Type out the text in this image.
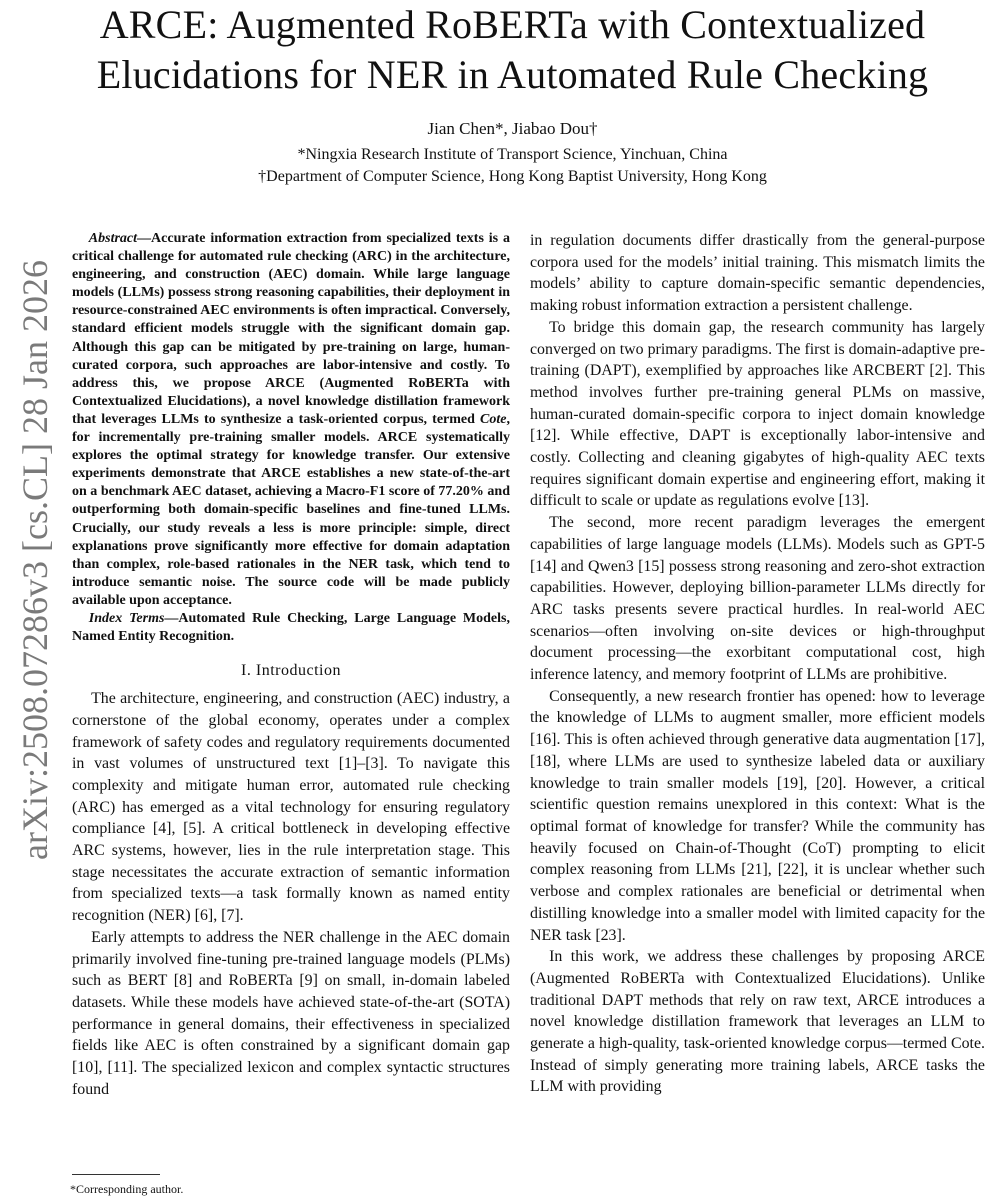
ARCE: Augmented RoBERTa with Contextualized
Elucidations for NER in Automated Rule Checking
Jian Chen*, Jiabao Dou†
*Ningxia Research Institute of Transport Science, Yinchuan, China
†Department of Computer Science, Hong Kong Baptist University, Hong Kong
arXiv:2508.07286v3 [cs.CL] 28 Jan 2026

Abstract—Accurate information extraction from specialized texts is a critical challenge for automated rule checking (ARC) in the architecture, engineering, and construction (AEC) domain. While large language models (LLMs) possess strong reasoning capabilities, their deployment in resource-constrained AEC environments is often impractical. Conversely, standard efficient models struggle with the significant domain gap. Although this gap can be mitigated by pre-training on large, human-curated corpora, such approaches are labor-intensive and costly. To address this, we propose ARCE (Augmented RoBERTa with Contextualized Elucidations), a novel knowledge distillation framework that leverages LLMs to synthesize a task-oriented corpus, termed Cote, for incrementally pre-training smaller models. ARCE systematically explores the optimal strategy for knowledge transfer. Our extensive experiments demonstrate that ARCE establishes a new state-of-the-art on a benchmark AEC dataset, achieving a Macro-F1 score of 77.20% and outperforming both domain-specific baselines and fine-tuned LLMs. Crucially, our study reveals a less is more principle: simple, direct explanations prove significantly more effective for domain adaptation than complex, role-based rationales in the NER task, which tend to introduce semantic noise. The source code will be made publicly available upon acceptance.

Index Terms—Automated Rule Checking, Large Language Models, Named Entity Recognition.

I. Introduction

The architecture, engineering, and construction (AEC) industry, a cornerstone of the global economy, operates under a complex framework of safety codes and regulatory requirements documented in vast volumes of unstructured text [1]–[3]. To navigate this complexity and mitigate human error, automated rule checking (ARC) has emerged as a vital technology for ensuring regulatory compliance [4], [5]. A critical bottleneck in developing effective ARC systems, however, lies in the rule interpretation stage. This stage necessitates the accurate extraction of semantic information from specialized texts—a task formally known as named entity recognition (NER) [6], [7].

Early attempts to address the NER challenge in the AEC domain primarily involved fine-tuning pre-trained language models (PLMs) such as BERT [8] and RoBERTa [9] on small, in-domain labeled datasets. While these models have achieved state-of-the-art (SOTA) performance in general domains, their effectiveness in specialized fields like AEC is often constrained by a significant domain gap [10], [11]. The specialized lexicon and complex syntactic structures found

in regulation documents differ drastically from the general-purpose corpora used for the models’ initial training. This mismatch limits the models’ ability to capture domain-specific semantic dependencies, making robust information extraction a persistent challenge.

To bridge this domain gap, the research community has largely converged on two primary paradigms. The first is domain-adaptive pre-training (DAPT), exemplified by approaches like ARCBERT [2]. This method involves further pre-training general PLMs on massive, human-curated domain-specific corpora to inject domain knowledge [12]. While effective, DAPT is exceptionally labor-intensive and costly. Collecting and cleaning gigabytes of high-quality AEC texts requires significant domain expertise and engineering effort, making it difficult to scale or update as regulations evolve [13].

The second, more recent paradigm leverages the emergent capabilities of large language models (LLMs). Models such as GPT-5 [14] and Qwen3 [15] possess strong reasoning and zero-shot extraction capabilities. However, deploying billion-parameter LLMs directly for ARC tasks presents severe practical hurdles. In real-world AEC scenarios—often involving on-site devices or high-throughput document processing—the exorbitant computational cost, high inference latency, and memory footprint of LLMs are prohibitive.

Consequently, a new research frontier has opened: how to leverage the knowledge of LLMs to augment smaller, more efficient models [16]. This is often achieved through generative data augmentation [17], [18], where LLMs are used to synthesize labeled data or auxiliary knowledge to train smaller models [19], [20]. However, a critical scientific question remains unexplored in this context: What is the optimal format of knowledge for transfer? While the community has heavily focused on Chain-of-Thought (CoT) prompting to elicit complex reasoning from LLMs [21], [22], it is unclear whether such verbose and complex rationales are beneficial or detrimental when distilling knowledge into a smaller model with limited capacity for the NER task [23].

In this work, we address these challenges by proposing ARCE (Augmented RoBERTa with Contextualized Elucidations). Unlike traditional DAPT methods that rely on raw text, ARCE introduces a novel knowledge distillation framework that leverages an LLM to generate a high-quality, task-oriented knowledge corpus—termed Cote. Instead of simply generating more training labels, ARCE tasks the LLM with providing

*Corresponding author.
